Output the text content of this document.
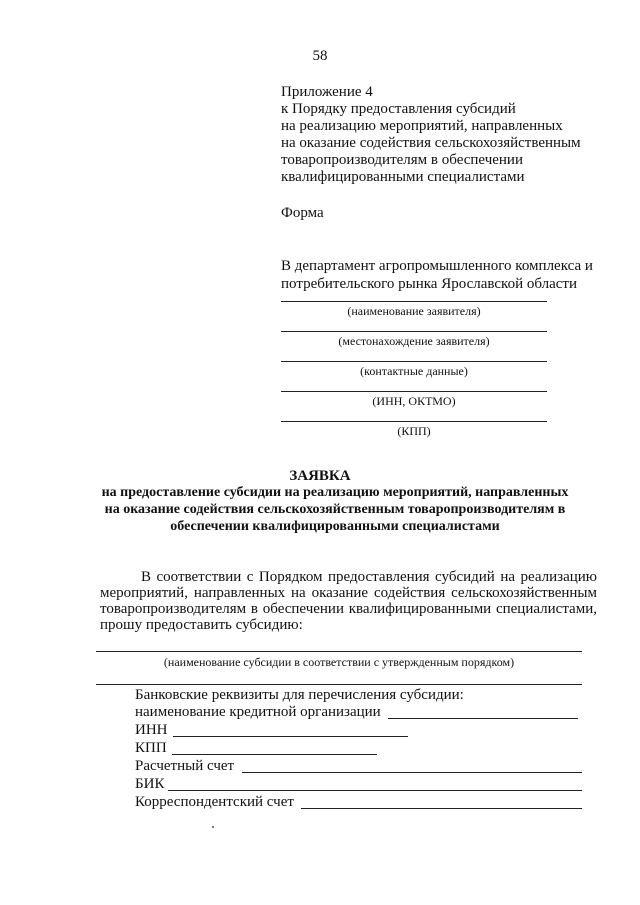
58
Приложение 4
к Порядку предоставления субсидий
на реализацию мероприятий, направленных
на оказание содействия сельскохозяйственным
товаропроизводителям в обеспечении
квалифицированными специалистами
Форма
В департамент агропромышленного комплекса и
потребительского рынка Ярославской области
(наименование заявителя)
(местонахождение заявителя)
(контактные данные)
(ИНН, ОКТМО)
(КПП)
ЗАЯВКА
на предоставление субсидии на реализацию мероприятий, направленных на оказание содействия сельскохозяйственным товаропроизводителям в обеспечении квалифицированными специалистами

В соответствии с Порядком предоставления субсидий на реализацию мероприятий, направленных на оказание содействия сельскохозяйственным товаропроизводителям в обеспечении квалифицированными специалистами, прошу предоставить субсидию:

(наименование субсидии в соответствии с утвержденным порядком)
Банковские реквизиты для перечисления субсидии:
наименование кредитной организации
ИНН
КПП
Расчетный счет
БИК
Корреспондентский счет
